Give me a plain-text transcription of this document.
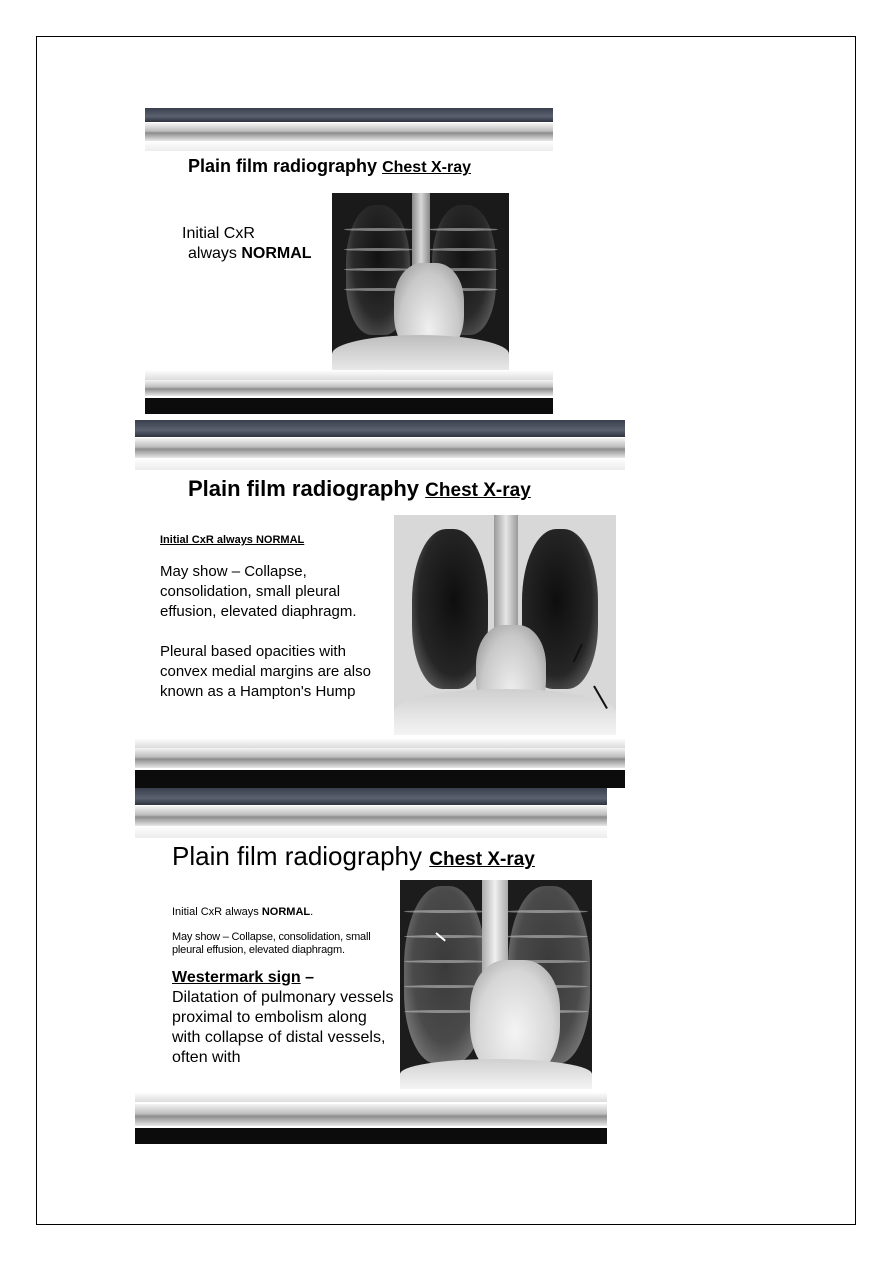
Plain film radiography Chest X-ray
Initial CxR
always NORMAL
Plain film radiography Chest X-ray
Initial CxR always NORMAL
May show – Collapse, consolidation, small pleural effusion, elevated diaphragm.
Pleural based opacities with convex medial margins are also known as a Hampton's Hump
Plain film radiography Chest X-ray
Initial CxR always NORMAL.
May show – Collapse, consolidation, small pleural effusion, elevated diaphragm.
Westermark sign –
Dilatation of pulmonary vessels proximal to embolism along with collapse of distal vessels, often with
